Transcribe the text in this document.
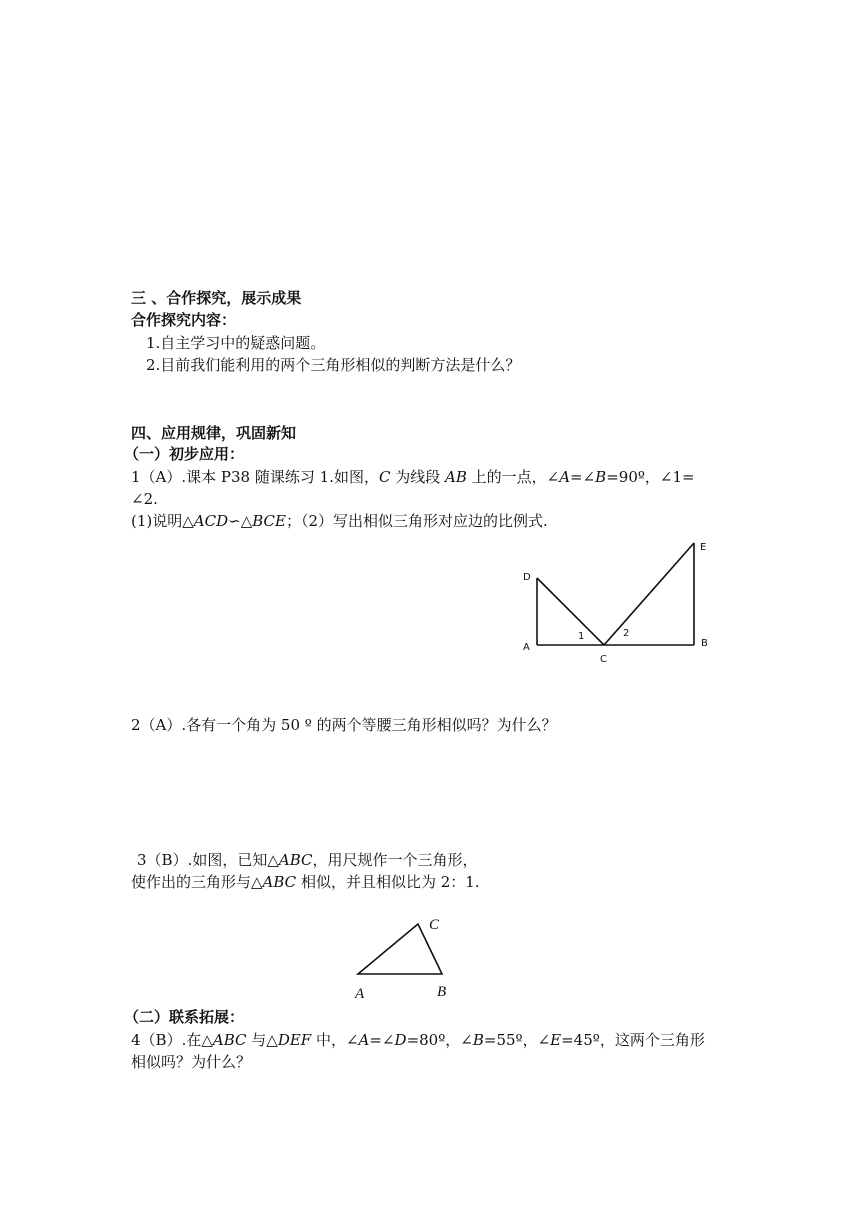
三 、合作探究，展示成果
合作探究内容：
1.自主学习中的疑惑问题。
2.目前我们能利用的两个三角形相似的判断方法是什么？
四、应用规律，巩固新知
（一）初步应用：
1（A）.课本 P38 随课练习 1.如图，C 为线段 AB 上的一点，∠A=∠B=90º，∠1=
∠2.
(1)说明△ACD∽△BCE；（2）写出相似三角形对应边的比例式.
D
E
A	B
C
1	2
2（A）.各有一个角为 50 º 的两个等腰三角形相似吗？为什么？
3（B）.如图，已知△ABC，用尺规作一个三角形，
使作出的三角形与△ABC 相似，并且相似比为 2：1.
A	B
C
（二）联系拓展：
4（B）.在△ABC 与△DEF 中，∠A=∠D=80º，∠B=55º，∠E=45º，这两个三角形
相似吗？为什么？
